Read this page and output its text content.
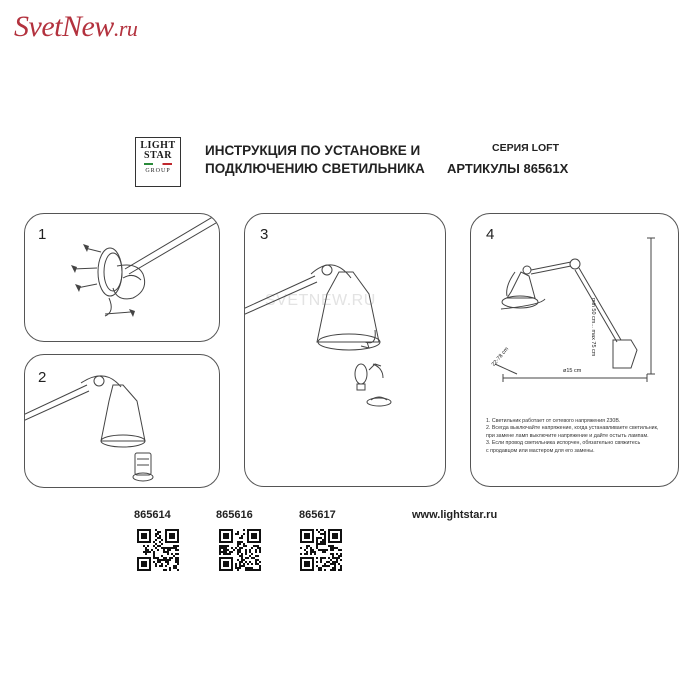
SvetNew.ru
LIGHT
STAR
GROUP
ИНСТРУКЦИЯ ПО УСТАНОВКЕ И
ПОДКЛЮЧЕНИЮ СВЕТИЛЬНИКА
СЕРИЯ LOFT
АРТИКУЛЫ 86561X
1
2
3
SVETNEW.RU
4
min 50 cm... max 75 cm
22-78 cm
ø15 cm
1. Светильник работает от сетевого напряжения 230В.
2. Всегда выключайте напряжение, когда устанавливаете светильник,
при замене ламп выключите напряжение и дайте остыть лампам.
3. Если провод светильника испорчен, обязательно свяжитесь
с продавцом или мастером для его замены.
865614	865616	865617	www.lightstar.ru
